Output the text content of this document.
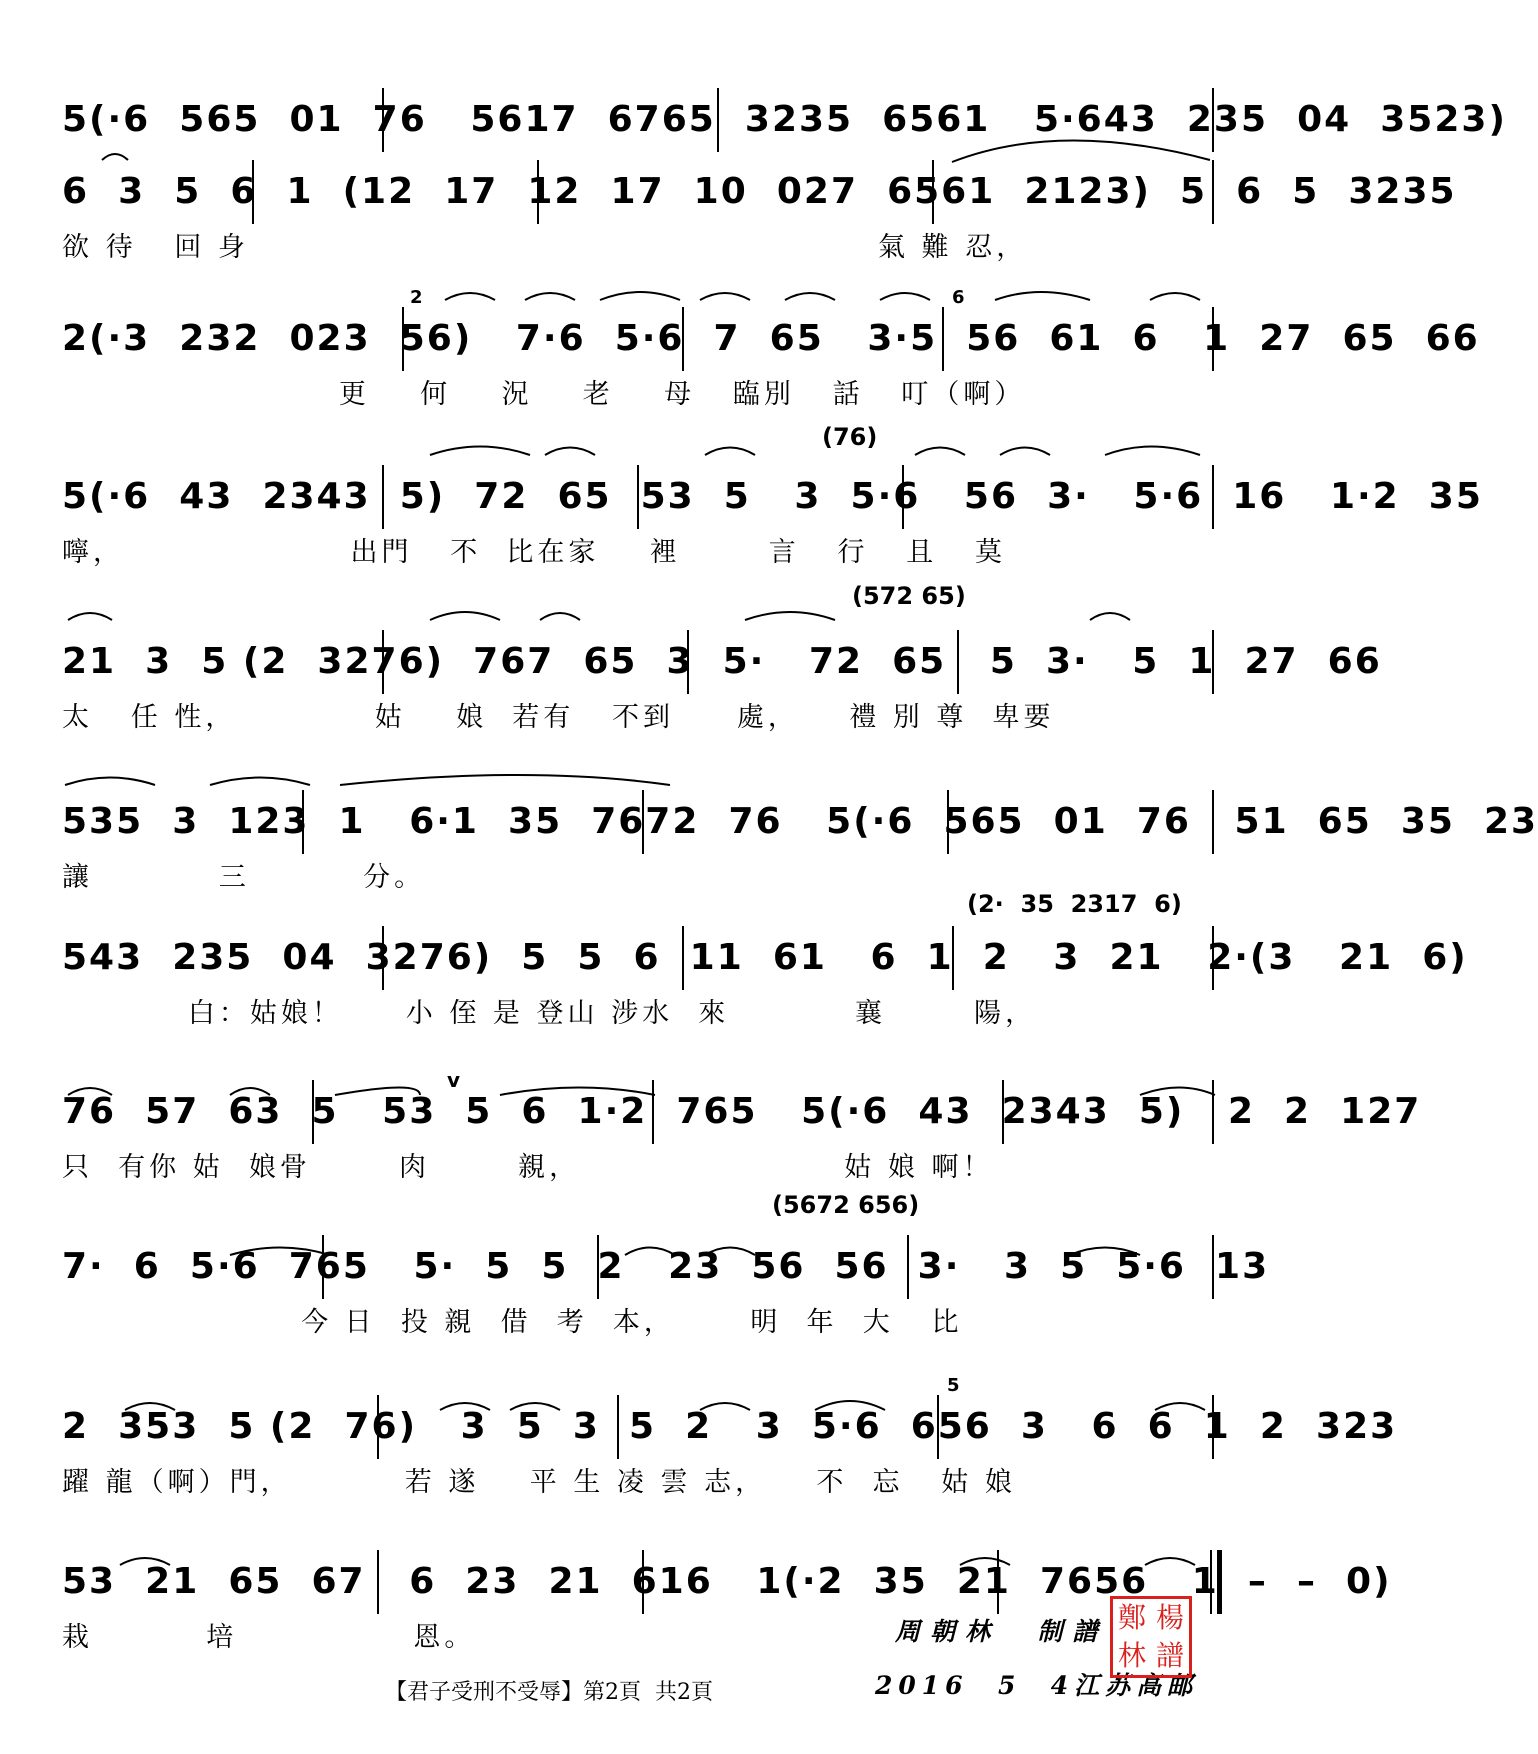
5(·6  565  01  76   5617  6765  3235  6561   5·643  235  04  3523)
6  3  5  6  1  (12  17  12  17  10  027  6561  2123)  5  6  5  3235
欲 待   回 身                                                  氣 難 忍，
2(·3  232  023  56)   7·6  5·6  7  65   3·5  56  61  6   1  27  65  66
更    何    況    老    母   臨別   話   叮（啊）
2	6
5(·6  43  2343  5)  72  65  53  5   3  5·6   56  3·   5·6  16   1·2  35
嚀，                  出門   不  比在家    裡       言   行   且   莫
(76)
21  3  5 (2  3276)  767  65  3  5·   72  65   5  3·   5  1  27  66
太   任 性，           姑    娘  若有   不到     處，    禮 別 尊  卑要
(572 65)
535  3  123  1   6·1  35  7672  76   5(·6  565  01  76   51  65  35  23
讓          三         分。
543  235  04  3276)  5  5  6  11  61   6  1  2   3  21   2·(3   21  6)
白：姑娘！     小 侄 是 登山 涉水  來          襄       陽，
(2·  35  2317  6)
76  57  63  5   53  5  6  1·2  765   5(·6  43  2343  5)   2  2  127
只  有你 姑  娘骨       肉       親，                     姑 娘 啊！
v
7·  6  5·6  765   5·  5  5  2   23  56  56  3·   3  5  5·6  13
今 日  投 親  借  考  本，      明  年  大   比
(5672 656)
2  353  5 (2  76)   3  5  3  5  2   3  5·6  656  3   6  6  1  2  323
躍 龍（啊）門，         若 遂    平 生 凌 雲 志，    不  忘   姑 娘
5
53  21  65  67   6  23  21  616   1(·2  35  21  7656   1  –  –  0)
栽         培              恩。	周朝林  制譜
2016  5  4江苏高邮
【君子受刑不受辱】第2頁  共2頁
鄭 楊
林 譜
